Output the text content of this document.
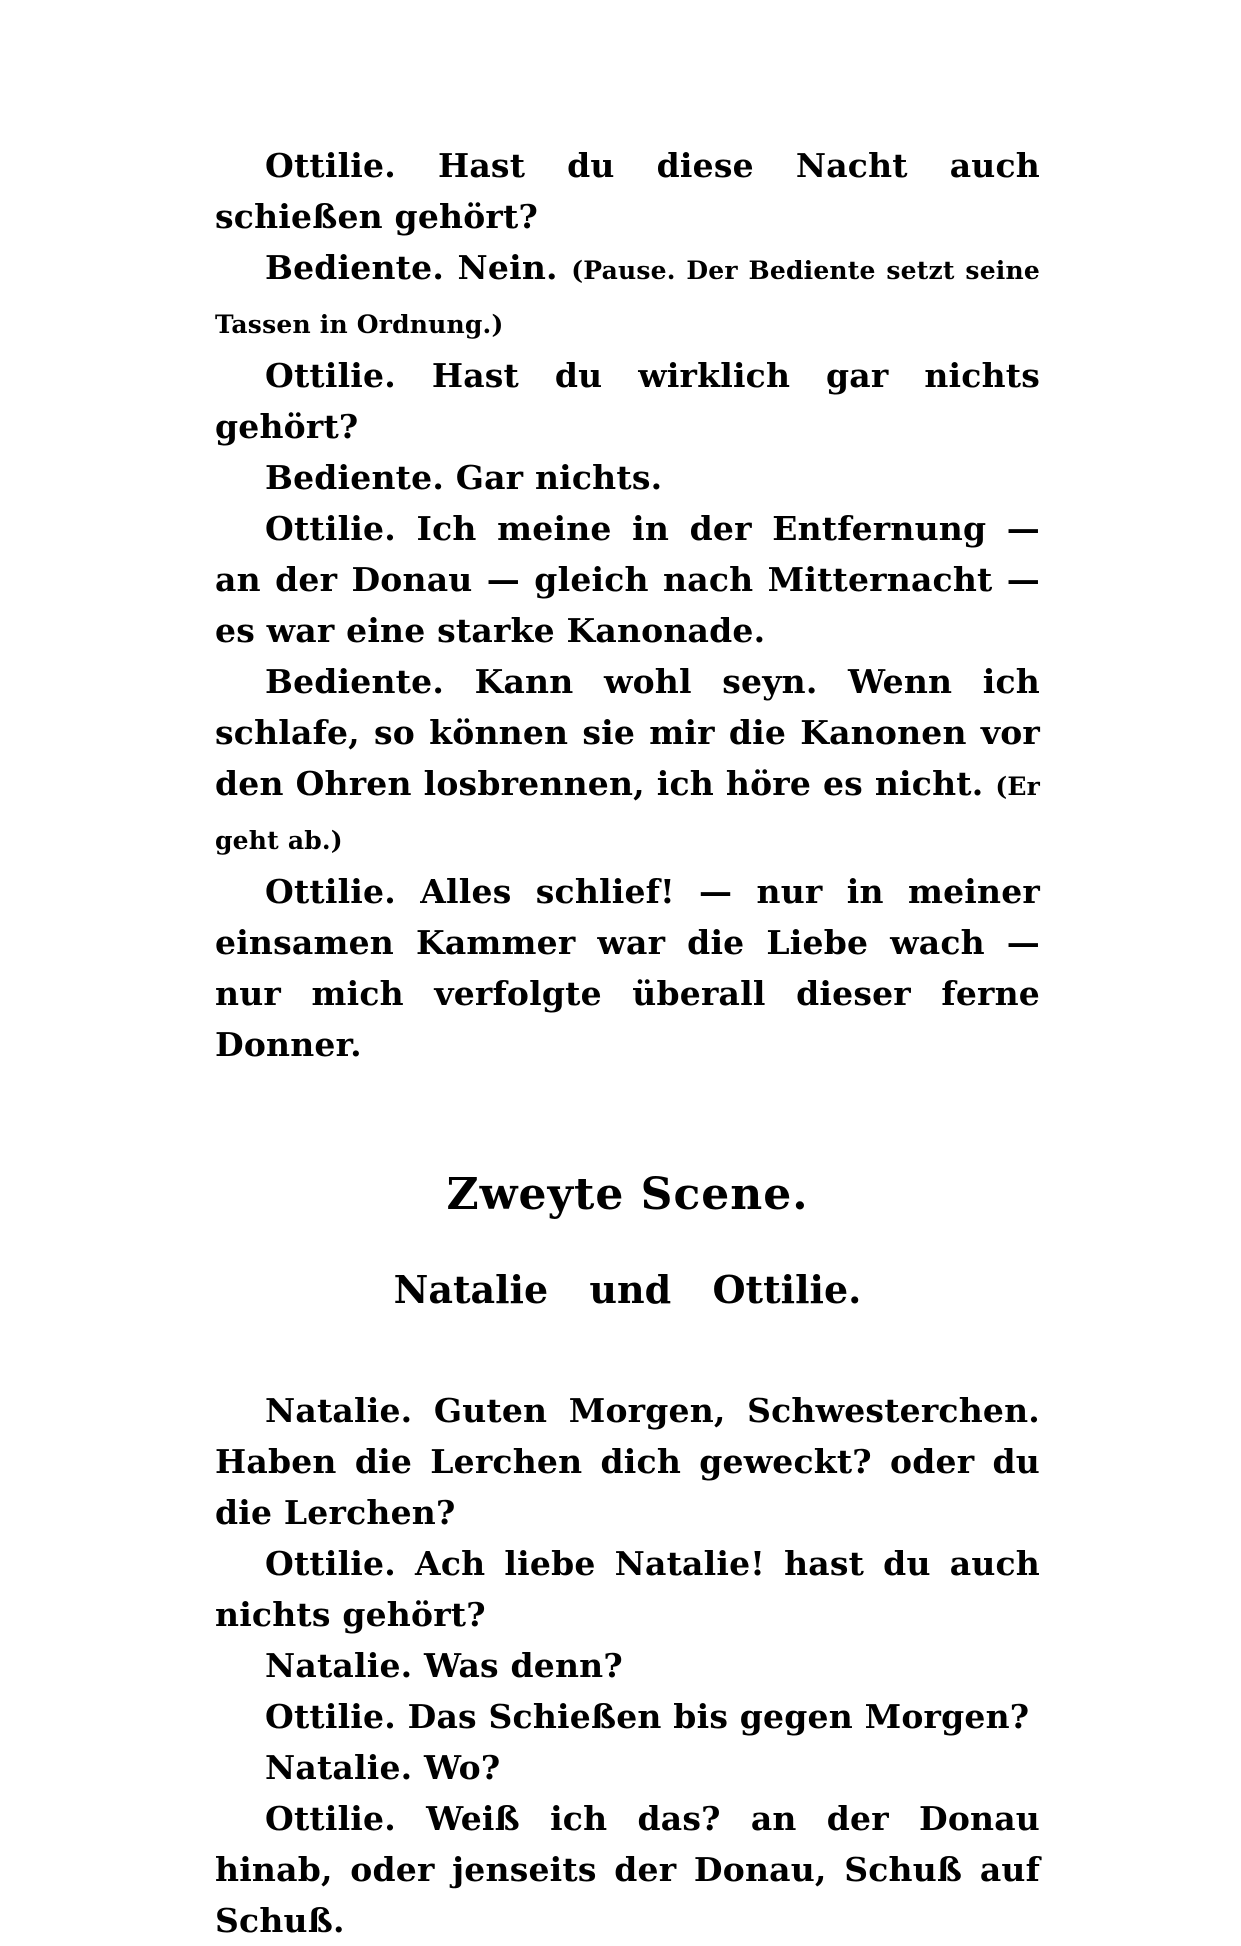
Ottilie. Hast du diese Nacht auch schießen gehört?

Bediente. Nein. (Pause. Der Bediente setzt seine Tassen in Ordnung.)

Ottilie. Hast du wirklich gar nichts gehört?

Bediente. Gar nichts.

Ottilie. Ich meine in der Entfernung — an der Donau — gleich nach Mitternacht — es war eine starke Kanonade.

Bediente. Kann wohl seyn. Wenn ich schlafe, so können sie mir die Kanonen vor den Ohren losbrennen, ich höre es nicht. (Er geht ab.)

Ottilie. Alles schlief! — nur in meiner einsamen Kammer war die Liebe wach — nur mich verfolgte überall dieser ferne Donner.

Zweyte Scene.
Natalie und Ottilie.

Natalie. Guten Morgen, Schwesterchen. Haben die Lerchen dich geweckt? oder du die Lerchen?

Ottilie. Ach liebe Natalie! hast du auch nichts gehört?

Natalie. Was denn?

Ottilie. Das Schießen bis gegen Morgen?

Natalie. Wo?

Ottilie. Weiß ich das? an der Donau hinab, oder jenseits der Donau, Schuß auf Schuß.
